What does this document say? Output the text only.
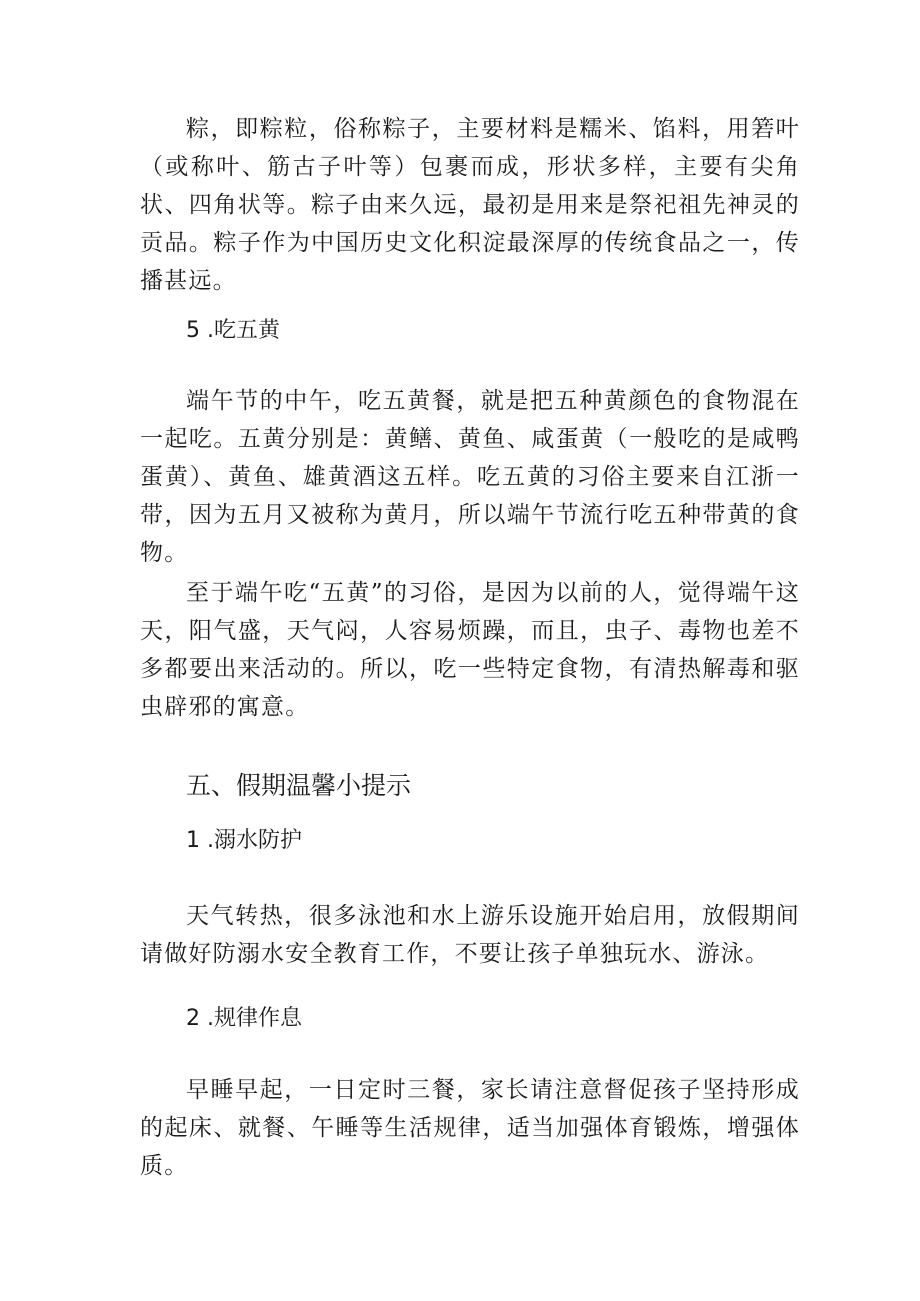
粽，即粽粒，俗称粽子，主要材料是糯米、馅料，用箬叶（或称叶、筋古子叶等）包裹而成，形状多样，主要有尖角状、四角状等。粽子由来久远，最初是用来是祭祀祖先神灵的贡品。粽子作为中国历史文化积淀最深厚的传统食品之一，传播甚远。

5 .吃五黄

端午节的中午，吃五黄餐，就是把五种黄颜色的食物混在一起吃。五黄分别是：黄鳝、黄鱼、咸蛋黄（一般吃的是咸鸭蛋黄）、黄鱼、雄黄酒这五样。吃五黄的习俗主要来自江浙一带，因为五月又被称为黄月，所以端午节流行吃五种带黄的食物。

至于端午吃“五黄”的习俗，是因为以前的人，觉得端午这天，阳气盛，天气闷，人容易烦躁，而且，虫子、毒物也差不多都要出来活动的。所以，吃一些特定食物，有清热解毒和驱虫辟邪的寓意。

五、假期温馨小提示

1 .溺水防护

天气转热，很多泳池和水上游乐设施开始启用，放假期间请做好防溺水安全教育工作，不要让孩子单独玩水、游泳。

2 .规律作息

早睡早起，一日定时三餐，家长请注意督促孩子坚持形成的起床、就餐、午睡等生活规律，适当加强体育锻炼，增强体质。
